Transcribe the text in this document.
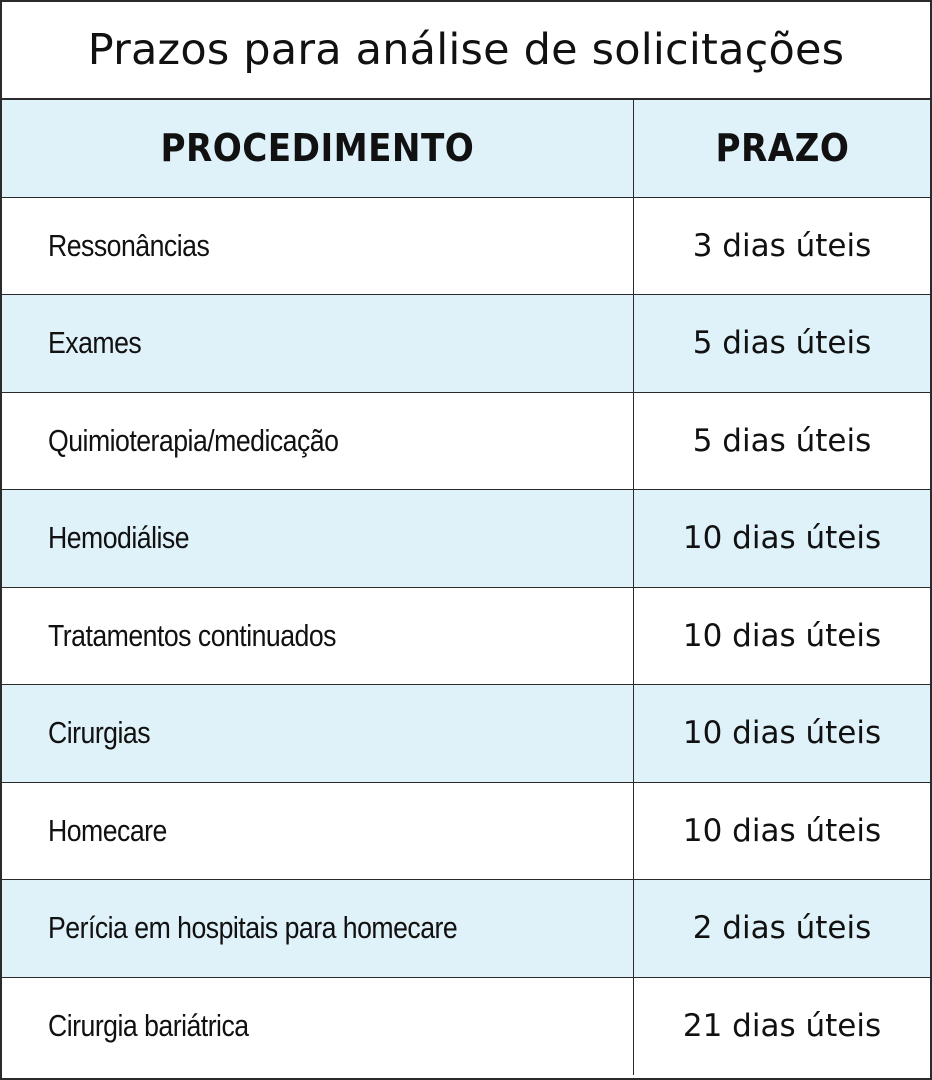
Prazos para análise de solicitações
PROCEDIMENTO	PRAZO
Ressonâncias	3 dias úteis
Exames	5 dias úteis
Quimioterapia/medicação	5 dias úteis
Hemodiálise	10 dias úteis
Tratamentos continuados	10 dias úteis
Cirurgias	10 dias úteis
Homecare	10 dias úteis
Perícia em hospitais para homecare	2 dias úteis
Cirurgia bariátrica	21 dias úteis
